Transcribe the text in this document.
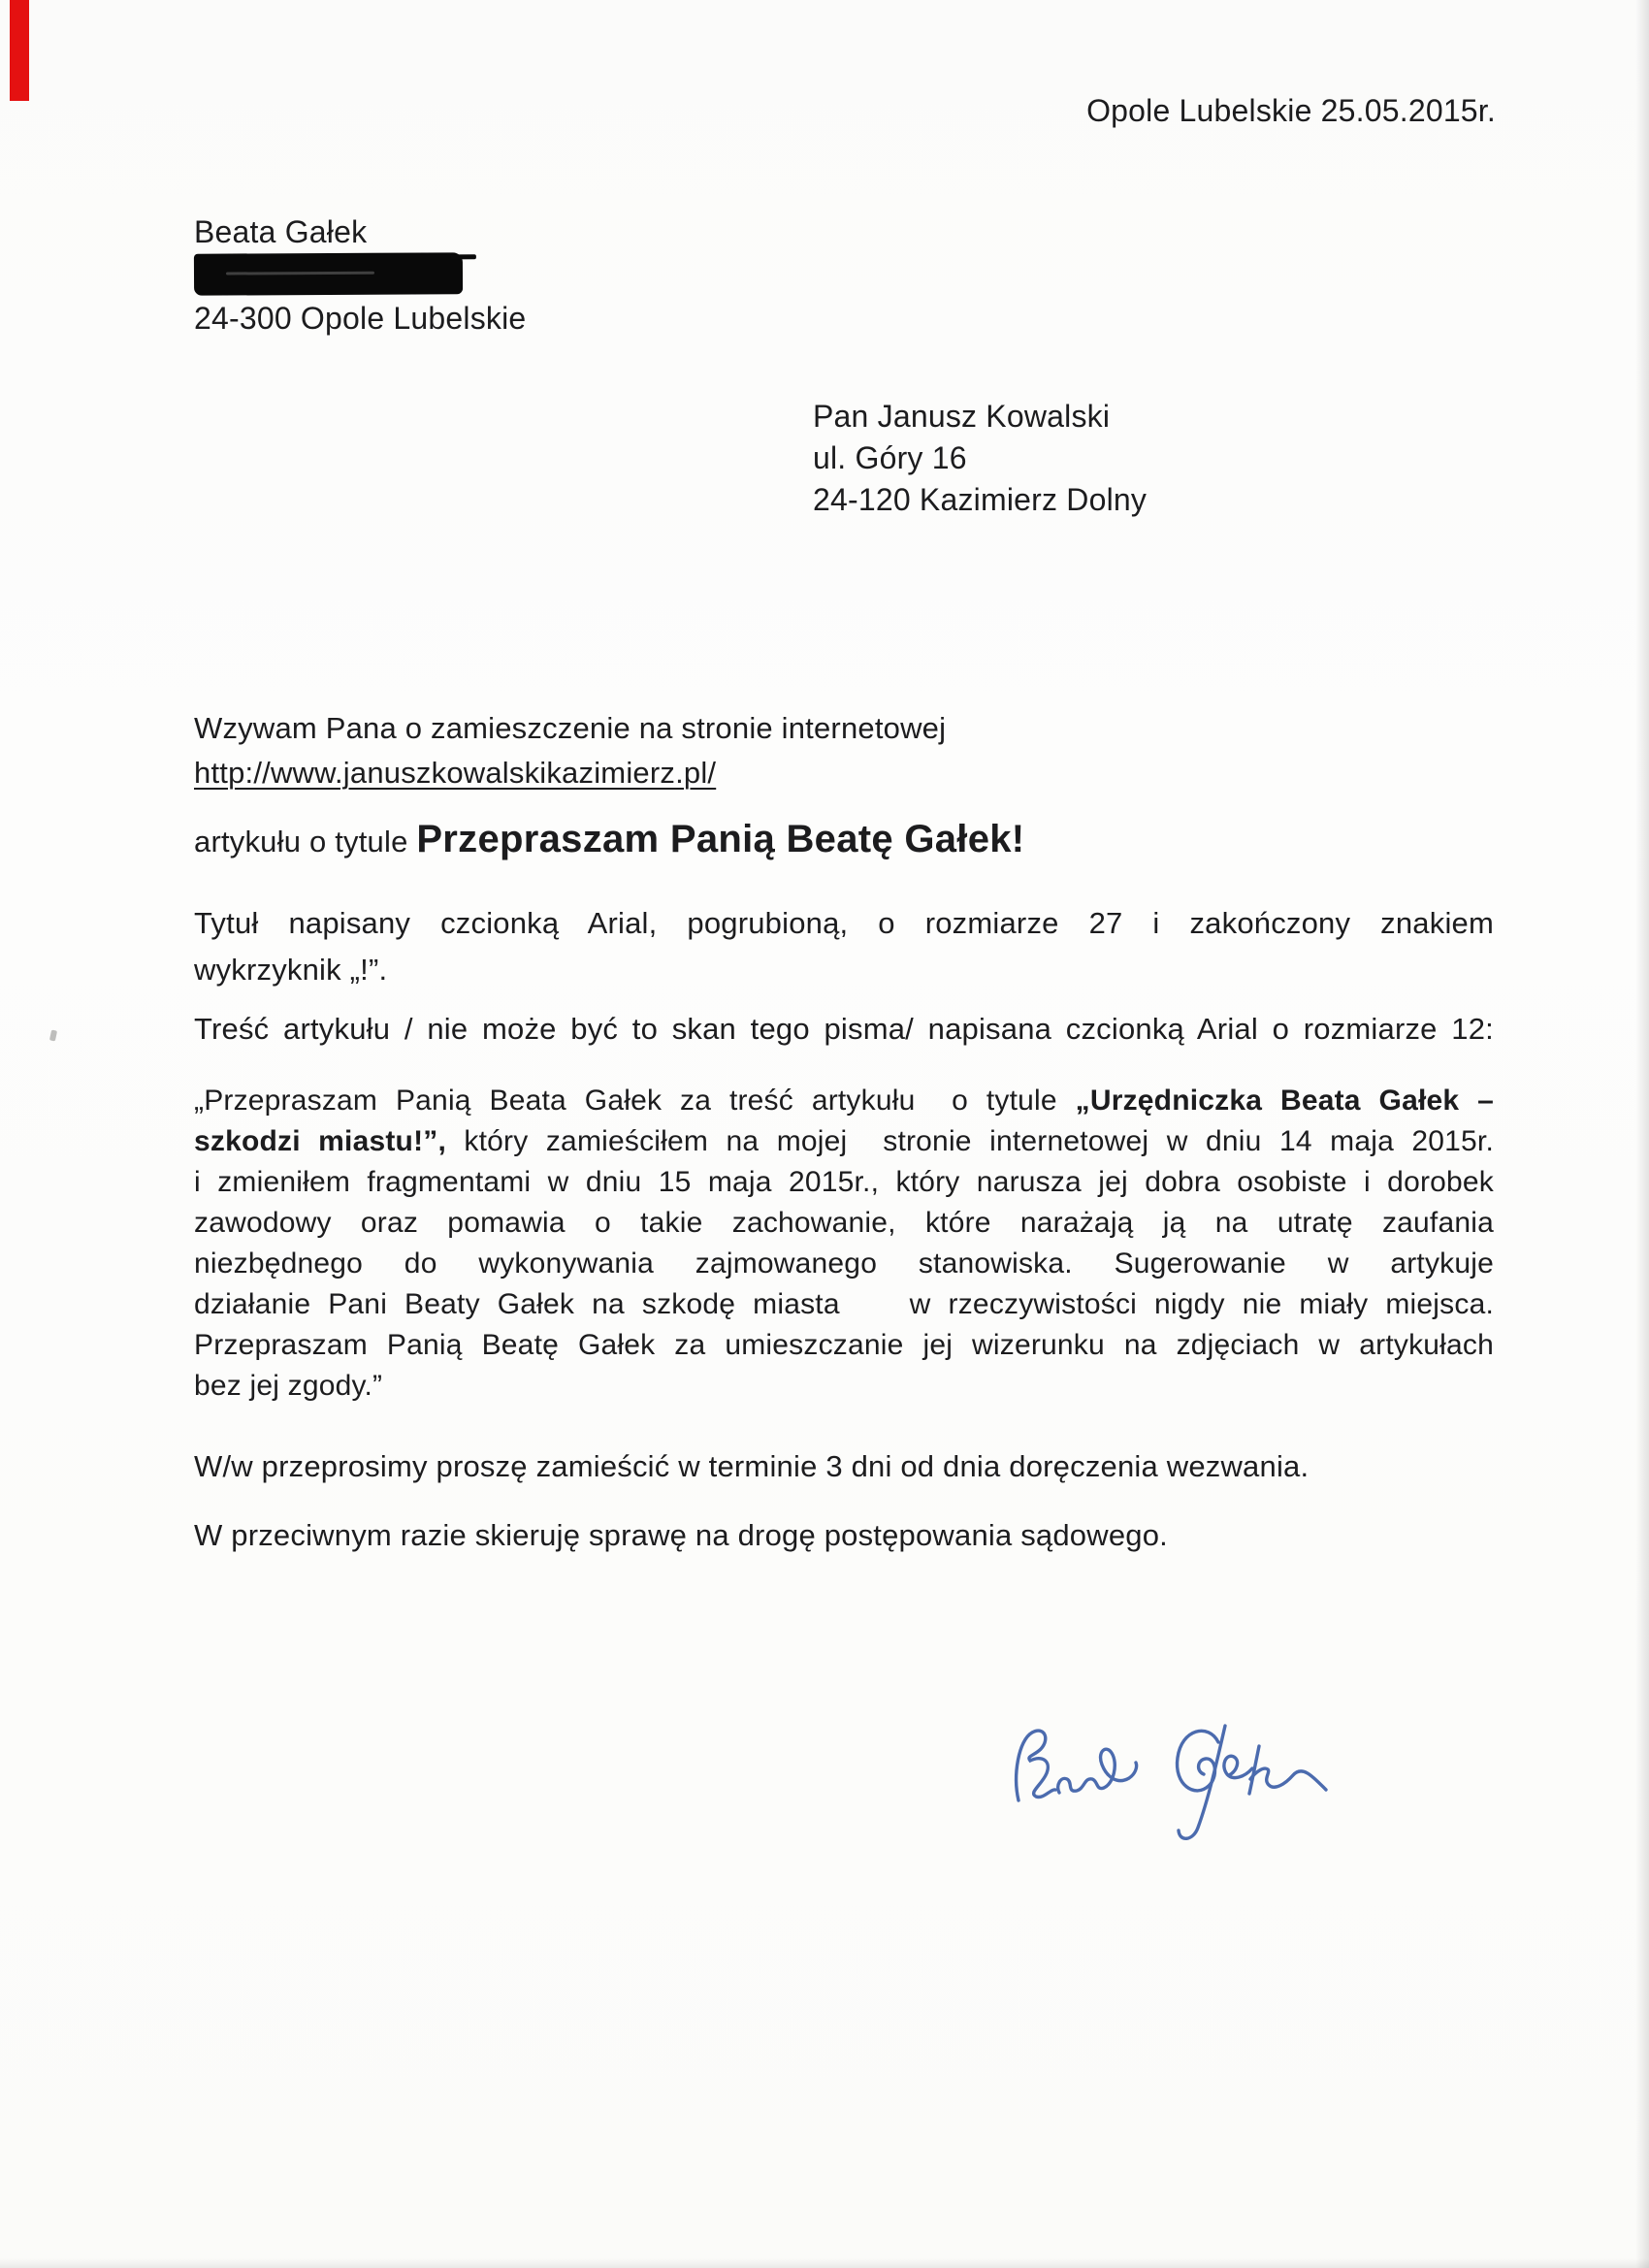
Opole Lubelskie 25.05.2015r.
Beata Gałek
24-300 Opole Lubelskie
Pan Janusz Kowalski
ul. Góry 16
24-120 Kazimierz Dolny
Wzywam Pana o zamieszczenie na stronie internetowej
http://www.januszkowalskikazimierz.pl/
artykułu o tytule Przepraszam Panią Beatę Gałek!
Tytuł napisany czcionką Arial, pogrubioną, o rozmiarze 27 i zakończony znakiem
wykrzyknik „!”.
Treść artykułu / nie może być to skan tego pisma/ napisana czcionką Arial o rozmiarze 12:
„Przepraszam Panią Beata Gałek za treść artykułu  o tytule „Urzędniczka Beata Gałek –
szkodzi miastu!”, który zamieściłem na mojej  stronie internetowej w dniu 14 maja 2015r.
i zmieniłem fragmentami w dniu 15 maja 2015r., który narusza jej dobra osobiste i dorobek
zawodowy oraz pomawia o takie zachowanie, które narażają ją na utratę zaufania
niezbędnego do wykonywania zajmowanego stanowiska. Sugerowanie w artykuje
działanie Pani Beaty Gałek na szkodę miasta    w rzeczywistości nigdy nie miały miejsca.
Przepraszam Panią Beatę Gałek za umieszczanie jej wizerunku na zdjęciach w artykułach
bez jej zgody.”
W/w przeprosimy proszę zamieścić w terminie 3 dni od dnia doręczenia wezwania.
W przeciwnym razie skieruję sprawę na drogę postępowania sądowego.
